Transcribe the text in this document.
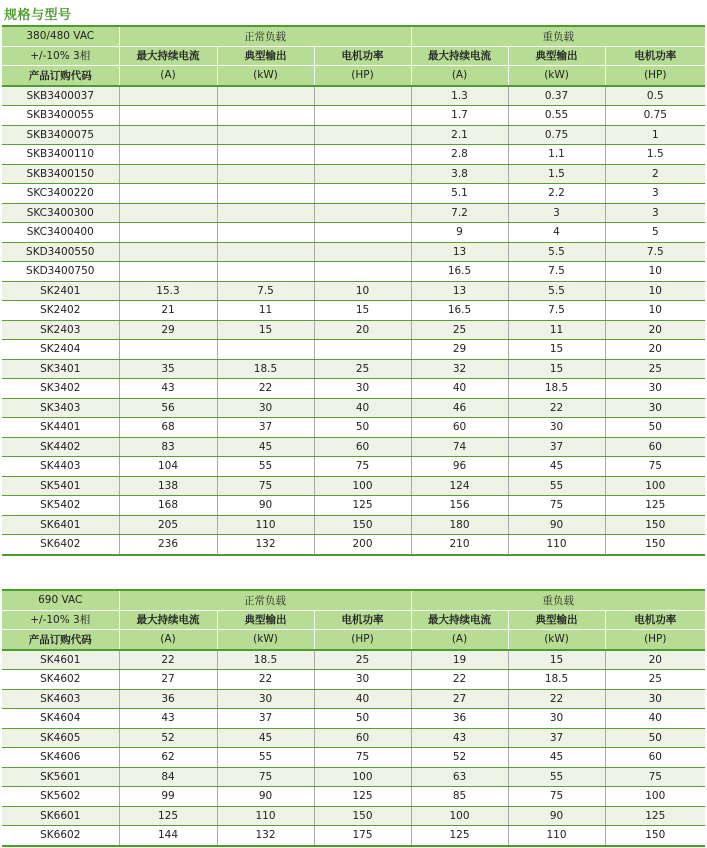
规格与型号
380/480 VAC	正常负载			重负载		
+/-10% 3相	最大持续电流	典型输出	电机功率	最大持续电流	典型输出	电机功率
产品订购代码	(A)	(kW)	(HP)	(A)	(kW)	(HP)
SKB3400037				1.3	0.37	0.5
SKB3400055				1.7	0.55	0.75
SKB3400075				2.1	0.75	1
SKB3400110				2.8	1.1	1.5
SKB3400150				3.8	1.5	2
SKC3400220				5.1	2.2	3
SKC3400300				7.2	3	3
SKC3400400				9	4	5
SKD3400550				13	5.5	7.5
SKD3400750				16.5	7.5	10
SK2401	15.3	7.5	10	13	5.5	10
SK2402	21	11	15	16.5	7.5	10
SK2403	29	15	20	25	11	20
SK2404				29	15	20
SK3401	35	18.5	25	32	15	25
SK3402	43	22	30	40	18.5	30
SK3403	56	30	40	46	22	30
SK4401	68	37	50	60	30	50
SK4402	83	45	60	74	37	60
SK4403	104	55	75	96	45	75
SK5401	138	75	100	124	55	100
SK5402	168	90	125	156	75	125
SK6401	205	110	150	180	90	150
SK6402	236	132	200	210	110	150
690 VAC	正常负载			重负载		
+/-10% 3相	最大持续电流	典型输出	电机功率	最大持续电流	典型输出	电机功率
产品订购代码	(A)	(kW)	(HP)	(A)	(kW)	(HP)
SK4601	22	18.5	25	19	15	20
SK4602	27	22	30	22	18.5	25
SK4603	36	30	40	27	22	30
SK4604	43	37	50	36	30	40
SK4605	52	45	60	43	37	50
SK4606	62	55	75	52	45	60
SK5601	84	75	100	63	55	75
SK5602	99	90	125	85	75	100
SK6601	125	110	150	100	90	125
SK6602	144	132	175	125	110	150
